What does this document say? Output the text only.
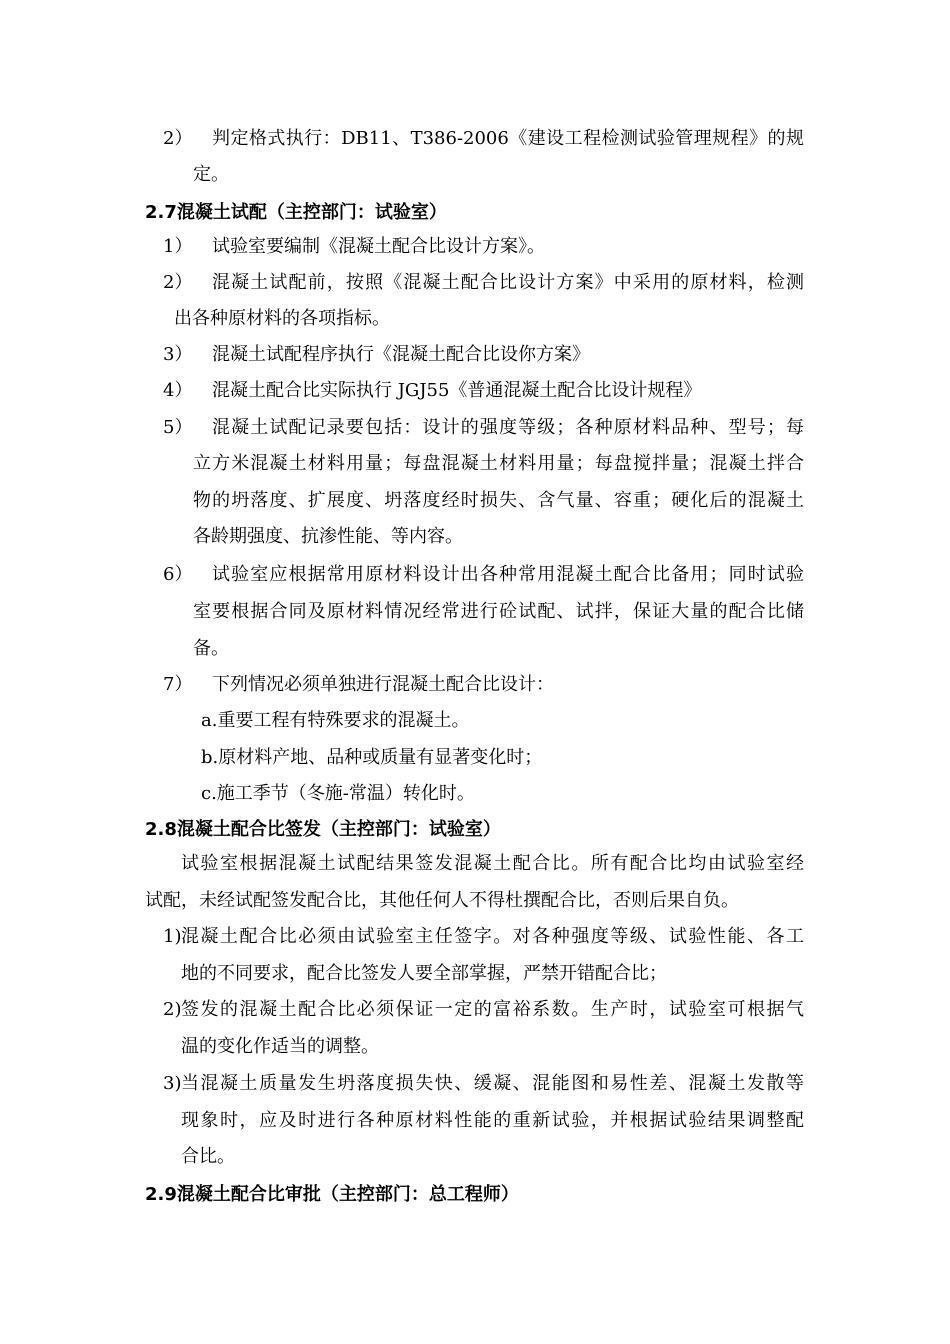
2） 判定格式执行：DB11、T386-2006《建设工程检测试验管理规程》的规
定。
2.7混凝土试配（主控部门：试验室）
1） 试验室要编制《混凝土配合比设计方案》。
2） 混凝土试配前，按照《混凝土配合比设计方案》中采用的原材料，检测
出各种原材料的各项指标。
3） 混凝土试配程序执行《混凝土配合比设你方案》
4） 混凝土配合比实际执行 JGJ55《普通混凝土配合比设计规程》
5） 混凝土试配记录要包括：设计的强度等级；各种原材料品种、型号；每
立方米混凝土材料用量；每盘混凝土材料用量；每盘搅拌量；混凝土拌合
物的坍落度、扩展度、坍落度经时损失、含气量、容重；硬化后的混凝土
各龄期强度、抗渗性能、等内容。
6） 试验室应根据常用原材料设计出各种常用混凝土配合比备用；同时试验
室要根据合同及原材料情况经常进行砼试配、试拌，保证大量的配合比储
备。
7） 下列情况必须单独进行混凝土配合比设计：
a.重要工程有特殊要求的混凝土。
b.原材料产地、品种或质量有显著变化时；
c.施工季节（冬施-常温）转化时。
2.8混凝土配合比签发（主控部门：试验室）
试验室根据混凝土试配结果签发混凝土配合比。所有配合比均由试验室经
试配，未经试配签发配合比，其他任何人不得杜撰配合比，否则后果自负。
1) 混凝土配合比必须由试验室主任签字。对各种强度等级、试验性能、各工
地的不同要求，配合比签发人要全部掌握，严禁开错配合比；
2) 签发的混凝土配合比必须保证一定的富裕系数。生产时，试验室可根据气
温的变化作适当的调整。
3) 当混凝土质量发生坍落度损失快、缓凝、混能图和易性差、混凝土发散等
现象时，应及时进行各种原材料性能的重新试验，并根据试验结果调整配
合比。
2.9混凝土配合比审批（主控部门：总工程师）
